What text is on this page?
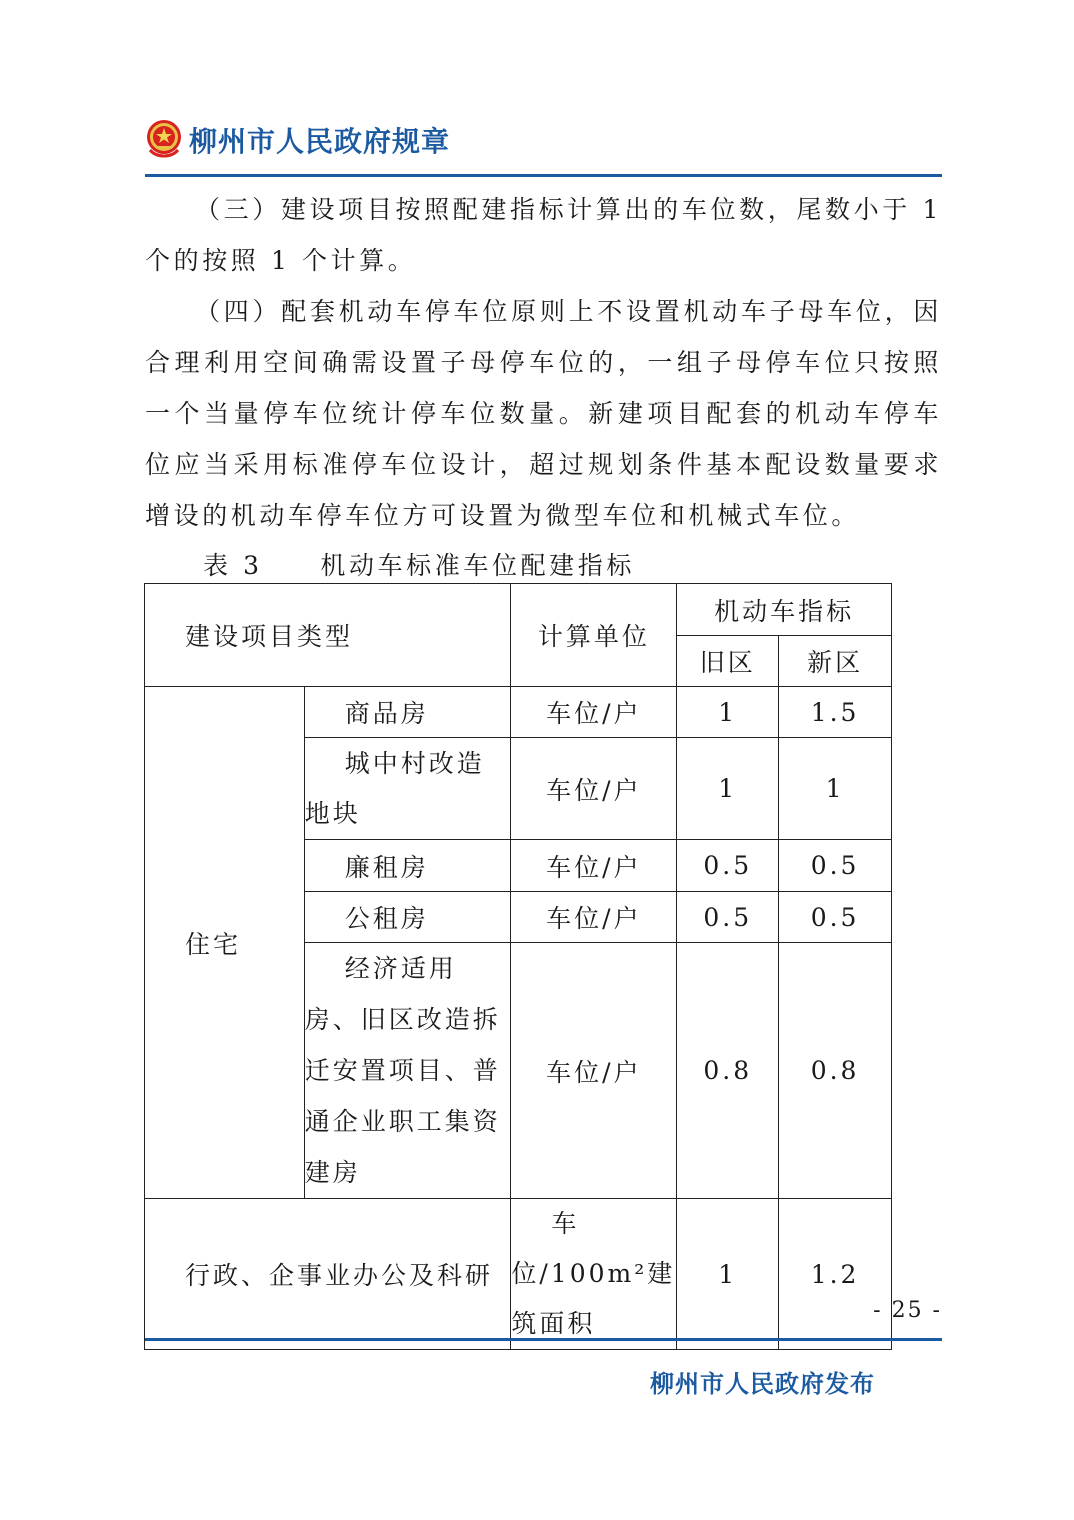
柳州市人民政府规章

（三）建设项目按照配建指标计算出的车位数，尾数小于 1 个的按照 1 个计算。

（四）配套机动车停车位原则上不设置机动车子母车位，因合理利用空间确需设置子母停车位的，一组子母停车位只按照一个当量停车位统计停车位数量。新建项目配套的机动车停车位应当采用标准停车位设计，超过规划条件基本配设数量要求增设的机动车停车位方可设置为微型车位和机械式车位。

表 3     机动车标准车位配建指标

建设项目类型		计算单位	机动车指标	
			旧区	新区
住宅	商品房	车位/户	1	1.5
	城中村改造地块	车位/户	1	1
	廉租房	车位/户	0.5	0.5
	公租房	车位/户	0.5	0.5
	经济适用房、旧区改造拆迁安置项目、普通企业职工集资建房	车位/户	0.8	0.8
行政、企事业办公及科研		车位/100m²建筑面积	1	1.2
- 25 -
柳州市人民政府发布
